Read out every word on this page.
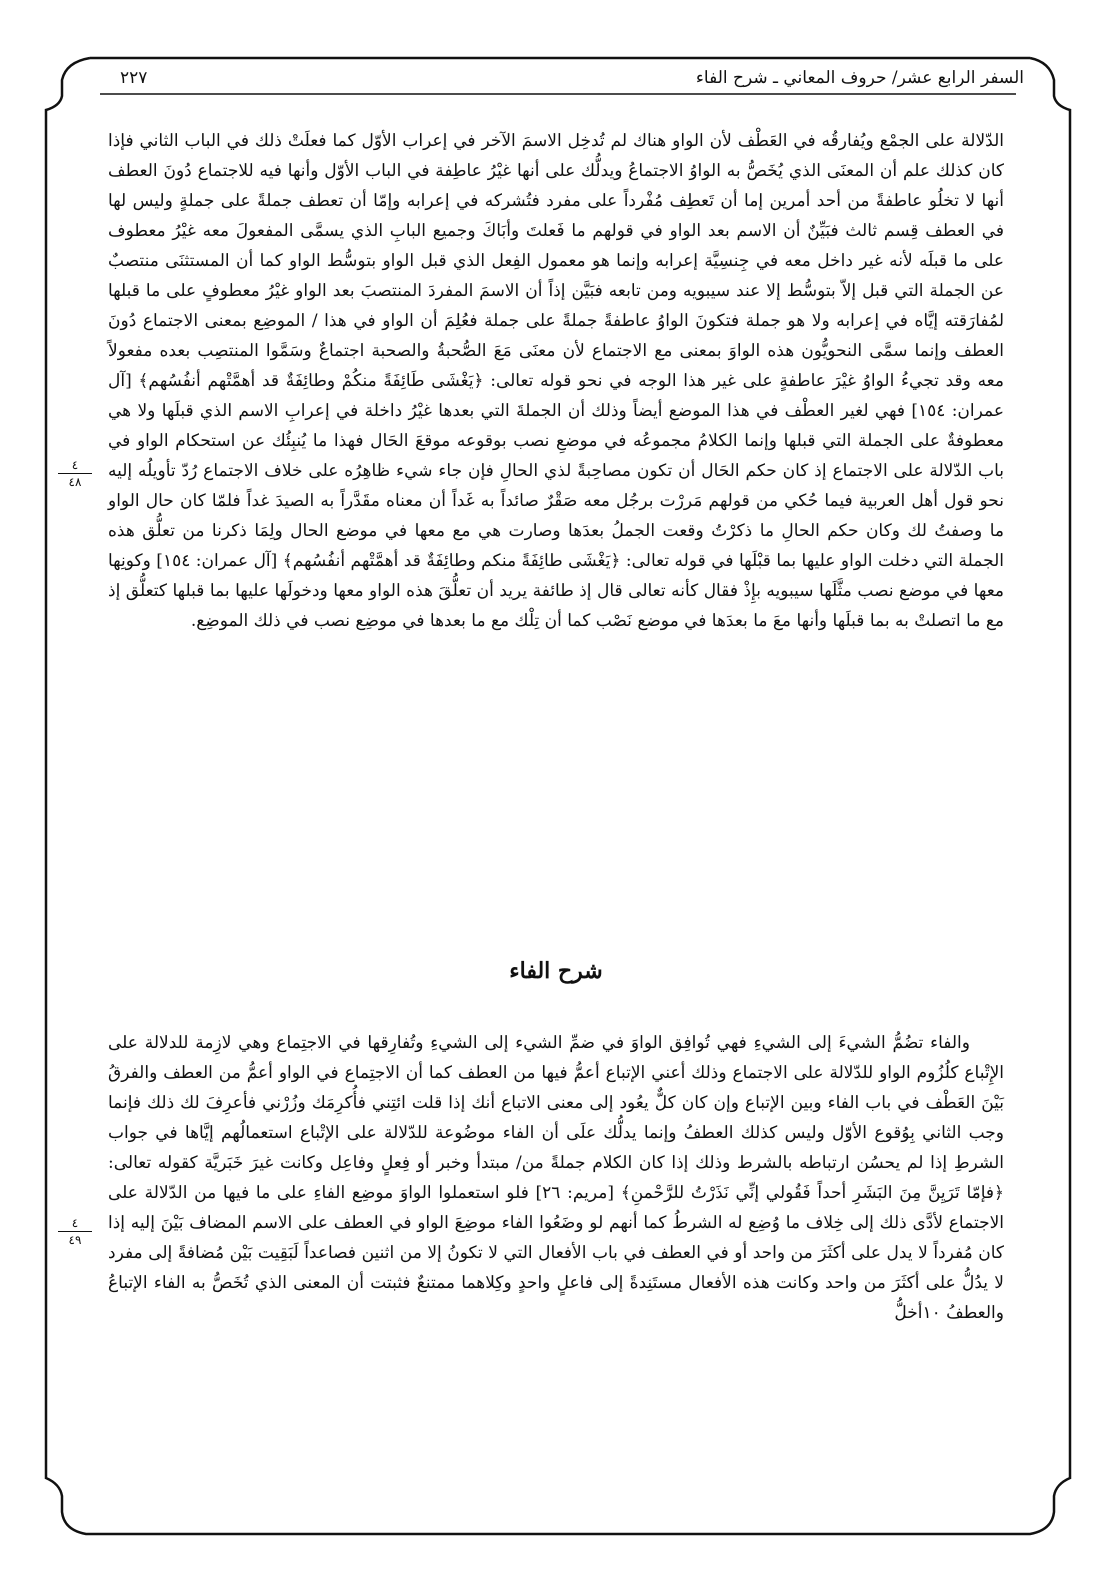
السفر الرابع عشر/ حروف المعاني ـ شرح الفاء
٢٢٧

الدّلالة على الجمْع ويُفارقُه في العَطْف لأن الواو هناك لم تُدخِل الاسمَ الآخر في إعراب الأوّل كما فعلَتْ ذلك في الباب الثاني فإذا كان كذلك علم أن المعنَى الذي يُخَصُّ به الواوُ الاجتماعُ ويدلُّك على أنها غيْرُ عاطِفة في الباب الأوّل وأنها فيه للاجتماع دُونَ العطف أنها لا تخلُو عاطفةً من أحد أمرين إما أن تَعطِف مُفْرداً على مفرد فتُشركه في إعرابه وإمّا أن تعطف جملةً على جملةٍ وليس لها في العطف قِسم ثالث فبَيِّنٌ أن الاسم بعد الواو في قولهم ما فَعلتَ وأبَاكَ وجميع البابِ الذي يسمَّى المفعولَ معه غيْرُ معطوف على ما قبلَه لأنه غير داخل معه في جِنسِيَّة إعرابه وإنما هو معمول الفِعل الذي قبل الواو بتوسُّط الواو كما أن المستثنَى منتصبٌ عن الجملة التي قبل إلاّ بتوسُّط إلا عند سيبويه ومن تابعه فبَيَّن إذاً أن الاسمَ المفردَ المنتصبَ بعد الواو غيْرُ معطوفٍ على ما قبلها لمُفارَقته إيَّاه في إعرابه ولا هو جملة فتكونَ الواوُ عاطفةً جملةً على جملة فعُلِمَ أن الواو في هذا / الموضِع بمعنى الاجتماع دُونَ العطف وإنما سمَّى النحويُّون هذه الواوَ بمعنى مع الاجتماع لأن معنَى مَعَ الصُّحبةُ والصحبة اجتماعٌ وسَمَّوا المنتصِب بعده مفعولاً معه وقد تجيءُ الواوُ غيْرَ عاطفةٍ على غير هذا الوجه في نحو قوله تعالى: ﴿يَغْشَى طَائِفَةً منكُمْ وطائِفَةٌ قد أهمَّتْهم أنفُسُهم﴾ [آل عمران: ١٥٤] فهي لغير العطْف في هذا الموضع أيضاً وذلك أن الجملةَ التي بعدها غيْرُ داخلة في إعرابِ الاسم الذي قبلَها ولا هي معطوفةٌ على الجملة التي قبلها وإنما الكلامُ مجموعُه في موضعِ نصب بوقوعه موقعَ الحَال فهذا ما يُنبِئُك عن استحكام الواو في باب الدّلالة على الاجتماع إذ كان حكم الحَال أن تكون مصاحِبةً لذي الحالِ فإن جاء شيء ظاهِرُه على خلاف الاجتماع رُدّ تأويلُه إليه نحو قول أهل العربية فيما حُكي من قولهم مَررْت برجُل معه صَقْرٌ صائداً به غَداً أن معناه مقَدَّراً به الصيدَ غداً فلمّا كان حال الواو ما وصفتُ لك وكان حكم الحالِ ما ذكرْتُ وقعت الجملُ بعدَها وصارت هي مع معها في موضع الحال ولِمَا ذكرنا من تعلُّق هذه الجملة التي دخلت الواو عليها بما قبْلَها في قوله تعالى: ﴿يَغْشَى طائِفَةً منكم وطائِفَةٌ قد أهمَّتْهم أنفُسُهم﴾ [آل عمران: ١٥٤] وكونِها معها في موضع نصب مثَّلَها سيبويه بإِذْ فقال كأنه تعالى قال إذ طائفة يريد أن تعلُّقَ هذه الواو معها ودخولَها عليها بما قبلها كتعلُّق إذ مع ما اتصلتْ به بما قبلَها وأنها معَ ما بعدَها في موضع نَصْب كما أن تِلْك مع ما بعدها في موضِع نصب في ذلك الموضِع.

٤
٤٨
شرح الفاء

والفاء تضُمُّ الشيءَ إلى الشيءِ فهي تُوافِق الواوَ في ضمِّ الشيء إلى الشيءِ وتُفارِقها في الاجتِماع وهي لازِمة للدلالة على الإِتْباع كلُزُوم الواو للدّلالة على الاجتماع وذلك أعني الإتباع أعمُّ فيها من العطف كما أن الاجتِماع في الواو أعمُّ من العطف والفرقُ بَيْنَ العَطْف في باب الفاء وبين الإتباع وإن كان كلٌّ يعُود إلى معنى الاتباع أنك إذا قلت ائتِني فأُكرِمَك وزُرْني فأعرِفَ لك ذلك فإنما وجب الثاني بِوُقوع الأوّل وليس كذلك العطفُ وإنما يدلُّك علَى أن الفاء موضُوعة للدّلالة على الإتْباع استعمالُهم إيَّاها في جواب الشرطِ إذا لم يحسُن ارتباطه بالشرط وذلك إذا كان الكلام جملةً من/ مبتدأ وخبر أو فِعلٍ وفاعِل وكانت غيرَ خَبَريَّة كقوله تعالى: ﴿فإمّا تَرَيِنَّ مِنَ البَشَرِ أحداً فَقُولي إنِّي نَذَرْتُ للرَّحْمنِ﴾ [مريم: ٢٦] فلو استعملوا الواوَ موضِع الفاءِ على ما فيها من الدّلالة على الاجتماع لأدَّى ذلك إلى خِلاف ما وُضِع له الشرطُ كما أنهم لو وضَعُوا الفاء موضِعَ الواو في العطف على الاسم المضاف بَيْنَ إليه إذا كان مُفرداً لا يدل على أكثَرَ من واحد أو في العطف في باب الأفعال التي لا تكونُ إلا من اثنين فصاعداً لَبَقِيت بَيْن مُضافةً إلى مفرد لا يدُلُّ على أكثَرَ من واحد وكانت هذه الأفعال مستَنِدةً إلى فاعلٍ واحدٍ وكِلاهما ممتنعٌ فثبتت أن المعنى الذي تُخَصُّ به الفاء الإتباعُ والعطفُ ١٠أخلُّ

٤
٤٩
